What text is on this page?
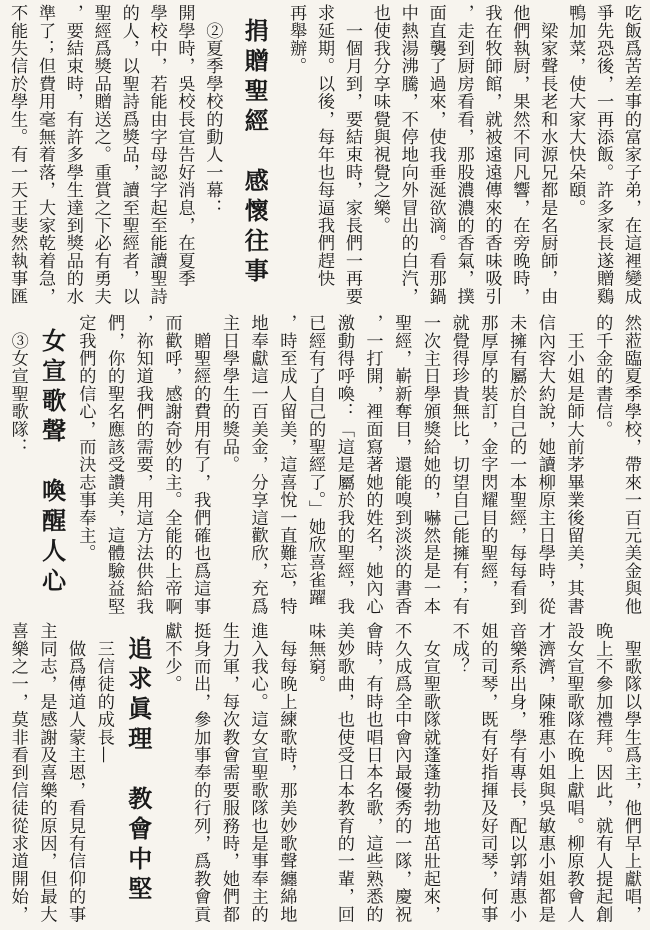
吃飯爲苦差事的富家子弟，在這裡變成
爭先恐後，一再添飯。許多家長遂贈鷄
鴨加菜，使大家大快朵頤。
　梁家聲長老和水源兄都是名厨師，由
他們執厨，果然不同凡響，在旁晚時，
我在牧師館，就被遠遠傳來的香味吸引
，走到厨房看看，那股濃濃的香氣，撲
面直襲了過來，使我垂涎欲滴。看那鍋
中熱湯沸騰，不停地向外冒出的白汽，
也使我分享味覺與視覺之樂。
　一個月到，要結束時，家長們一再要
求延期。以後，每年也每逼我們趕快
再舉辦。
捐贈聖經　感懷往事
　②夏季學校的動人一幕：
開學時，吳校長宣告好消息，在夏季
學校中，若能由字母認字起至能讀聖詩
的人，以聖詩爲獎品，讀至聖經者，以
聖經爲獎品贈送之。重賞之下必有勇夫
，要結束時，有許多學生達到獎品的水
準了；但費用毫無着落，大家乾着急，
不能失信於學生。有一天王斐然執事匯
然蒞臨夏季學校，帶來一百元美金與他
的千金的書信。
　王小姐是師大前茅畢業後留美，其書
信內容大約說，她讀柳原主日學時，從
未擁有屬於自己的一本聖經，每每看到
那厚厚的裝訂，金字閃耀目的聖經，
就覺得珍貴無比，切望自己能擁有；有
一次主日學頒獎給她的，嚇然是是一本
聖經，嶄新奪目，還能嗅到淡淡的書香
，一打開，裡面寫著她的姓名，她內心
激動得呼喚：「這是屬於我的聖經，我
已經有了自己的聖經了。」她欣喜雀躍
，時至成人留美，這喜悅一直難忘，特
地奉獻這一百美金，分享這歡欣，充爲
主日學學生的獎品。
　贈聖經的費用有了，我們確也爲這事
而歡呼，感謝奇妙的主。全能的上帝啊
，祢知道我們的需要，用這方法供給我
們，你的聖名應該受讚美，這體驗益堅
定我們的信心，而決志事奉主。
女宣歌聲　喚醒人心
　③女宣聖歌隊：
　聖歌隊以學生爲主，他們早上獻唱，
晚上不參加禮拜。因此，就有人提起創
設女宣聖歌隊在晚上獻唱。柳原教會人
才濟濟，陳雅惠小姐與吳敏惠小姐都是
音樂系出身，學有專長，配以郭靖惠小
姐的司琴，既有好指揮及好司琴，何事
不成？
　女宣聖歌隊就蓬蓬勃勃地茁壯起來，
不久成爲全中會內最優秀的一隊，慶祝
會時，有時也唱日本名歌，這些熟悉的
美妙歌曲，也使受日本教育的一輩，回
味無窮。
　每每晚上練歌時，那美妙歌聲纏綿地
進入我心。這女宣聖歌隊也是事奉主的
生力軍，每次教會需要服務時，她們都
挺身而出，參加事奉的行列，爲教會貢
獻不少。
追求眞理　教會中堅
　三信徒的成長—
　做爲傳道人蒙主恩，看見有信仰的事
主同志，是感謝及喜樂的原因，但最大
喜樂之一，莫非看到信徒從求道開始，
